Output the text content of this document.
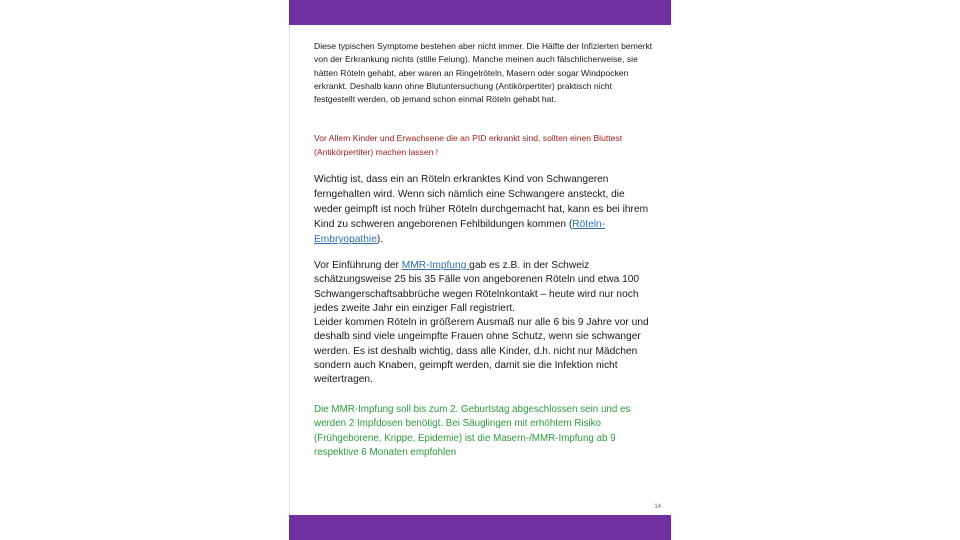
Diese typischen Symptome bestehen aber nicht immer. Die Hälfte der Infizierten bemerkt von der Erkrankung nichts (stille Feiung). Manche meinen auch fälschlicherweise, sie hätten Röteln gehabt, aber waren an Ringelröteln, Masern oder sogar Windpocken erkrankt. Deshalb kann ohne Blutuntersuchung (Antikörpertiter) praktisch nicht festgestellt werden, ob jemand schon einmal Röteln gehabt hat.
Vor Allem Kinder und Erwachsene die an PID erkrankt sind, sollten einen Bluttest (Antikörpertiter) machen lassen !
Wichtig ist, dass ein an Röteln erkranktes Kind von Schwangeren ferngehalten wird. Wenn sich nämlich eine Schwangere ansteckt, die weder geimpft ist noch früher Röteln durchgemacht hat, kann es bei ihrem Kind zu schweren angeborenen Fehlbildungen kommen (Röteln-Embryopathie).
Vor Einführung der MMR-Impfung gab es z.B. in der Schweiz schätzungsweise 25 bis 35 Fälle von angeborenen Röteln und etwa 100 Schwangerschaftsabbrüche wegen Rötelnkontakt – heute wird nur noch jedes zweite Jahr ein einziger Fall registriert.
Leider kommen Röteln in größerem Ausmaß nur alle 6 bis 9 Jahre vor und deshalb sind viele ungeimpfte Frauen ohne Schutz, wenn sie schwanger werden. Es ist deshalb wichtig, dass alle Kinder, d.h. nicht nur Mädchen sondern auch Knaben, geimpft werden, damit sie die Infektion nicht weitertragen.
Die MMR-Impfung soll bis zum 2. Geburtstag abgeschlossen sein und es werden 2 Impfdosen benötigt. Bei Säuglingen mit erhöhtem Risiko (Frühgeborene, Krippe, Epidemie) ist die Masern-/MMR-Impfung ab 9 respektive 6 Monaten empfohlen
14
